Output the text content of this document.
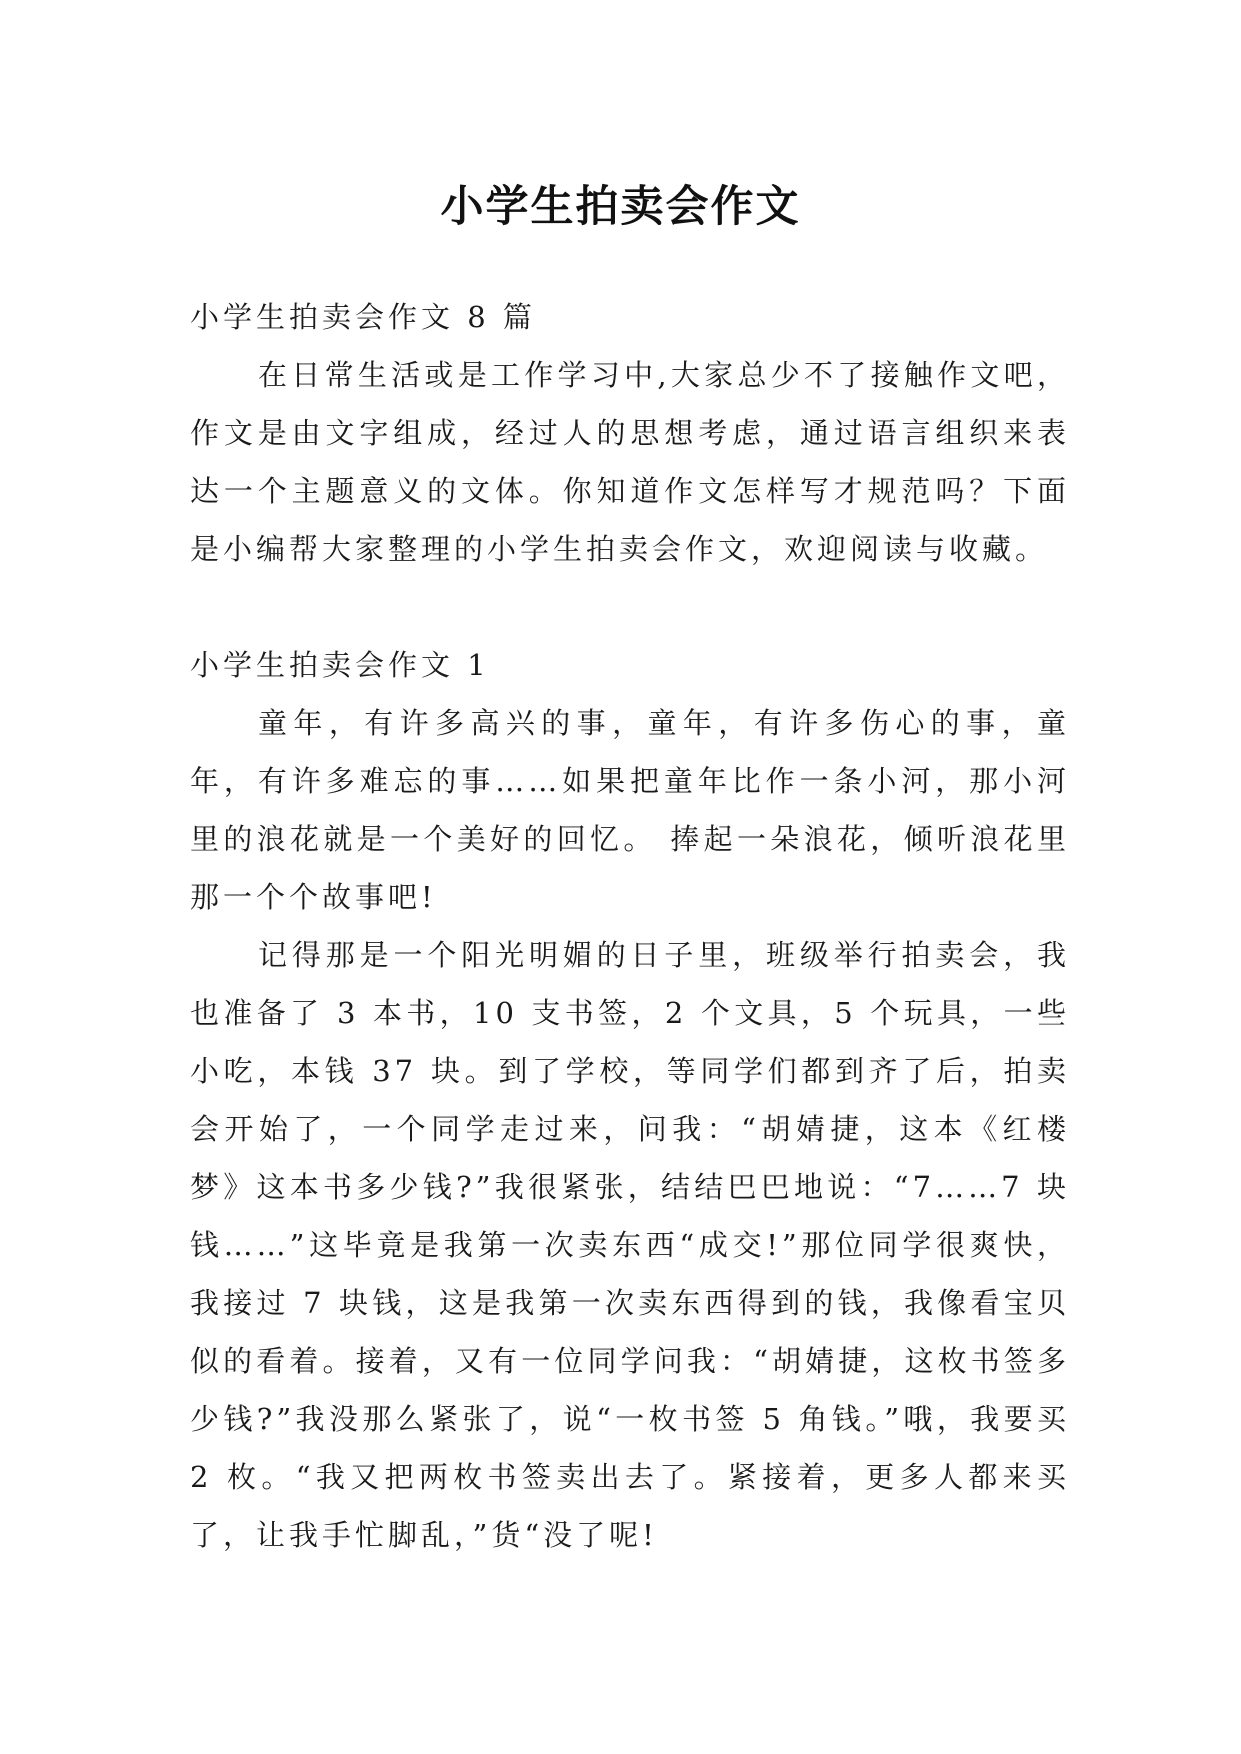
小学生拍卖会作文

小学生拍卖会作文 8 篇

在日常生活或是工作学习中,大家总少不了接触作文吧，作文是由文字组成，经过人的思想考虑，通过语言组织来表达一个主题意义的文体。你知道作文怎样写才规范吗？下面是小编帮大家整理的小学生拍卖会作文，欢迎阅读与收藏。

小学生拍卖会作文 1

童年，有许多高兴的事，童年，有许多伤心的事，童年，有许多难忘的事……如果把童年比作一条小河，那小河里的浪花就是一个美好的回忆。 捧起一朵浪花，倾听浪花里那一个个故事吧!

记得那是一个阳光明媚的日子里，班级举行拍卖会，我也准备了 3 本书，10 支书签，2 个文具，5 个玩具，一些小吃，本钱 37 块。到了学校，等同学们都到齐了后，拍卖会开始了，一个同学走过来，问我：“胡婧捷，这本《红楼梦》这本书多少钱?”我很紧张，结结巴巴地说：“7……7 块钱……”这毕竟是我第一次卖东西“成交!”那位同学很爽快，我接过 7 块钱，这是我第一次卖东西得到的钱，我像看宝贝似的看着。接着，又有一位同学问我：“胡婧捷，这枚书签多少钱?”我没那么紧张了，说“一枚书签 5 角钱。”哦，我要买 2 枚。“我又把两枚书签卖出去了。紧接着，更多人都来买了，让我手忙脚乱，”货“没了呢!
